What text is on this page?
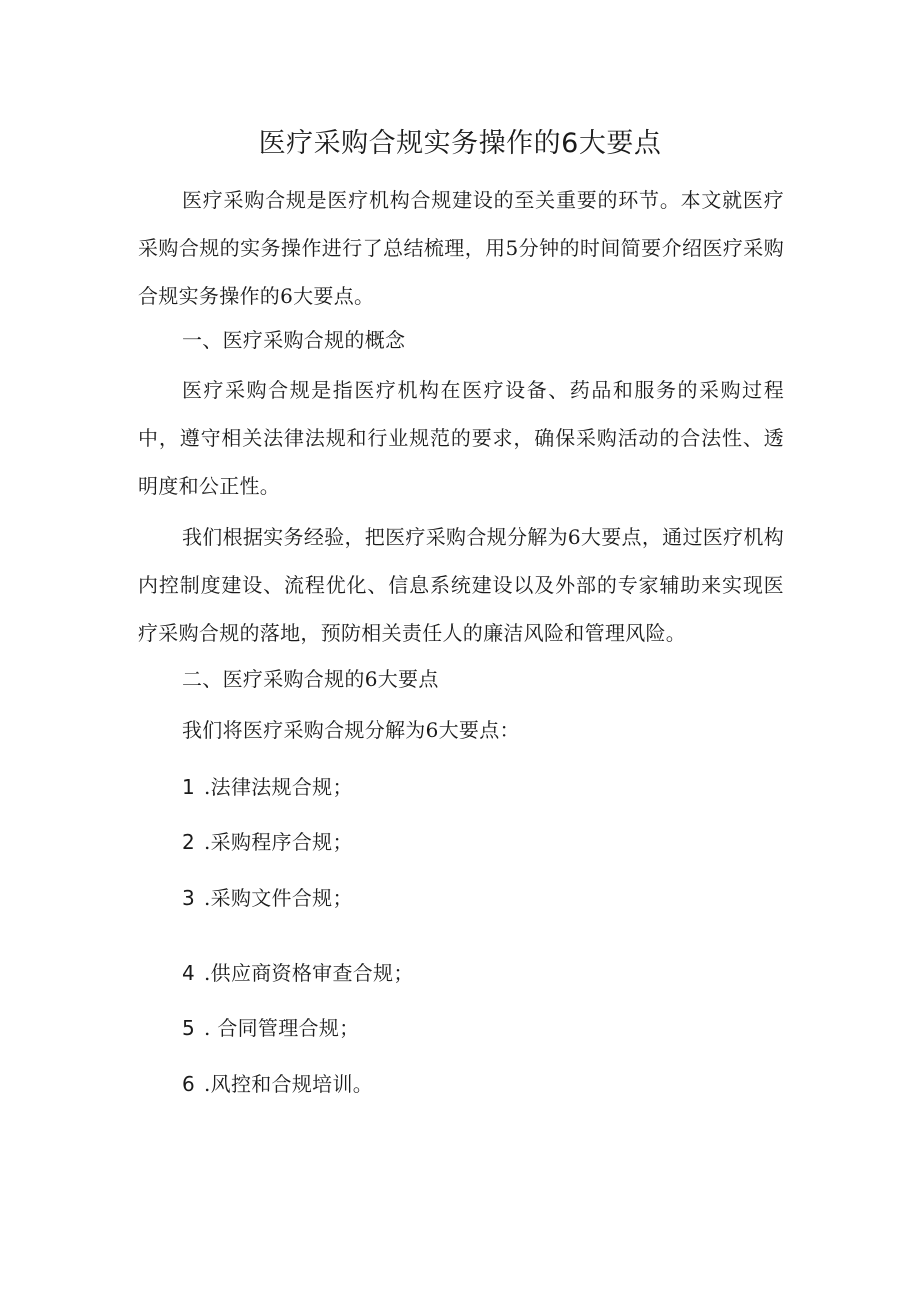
医疗采购合规实务操作的6大要点

医疗采购合规是医疗机构合规建设的至关重要的环节。本文就医疗采购合规的实务操作进行了总结梳理，用5分钟的时间简要介绍医疗采购合规实务操作的6大要点。

一、医疗采购合规的概念

医疗采购合规是指医疗机构在医疗设备、药品和服务的采购过程中，遵守相关法律法规和行业规范的要求，确保采购活动的合法性、透明度和公正性。

我们根据实务经验，把医疗采购合规分解为6大要点，通过医疗机构内控制度建设、流程优化、信息系统建设以及外部的专家辅助来实现医疗采购合规的落地，预防相关责任人的廉洁风险和管理风险。

二、医疗采购合规的6大要点

我们将医疗采购合规分解为6大要点：

1 .法律法规合规；

2 .采购程序合规；

3 .采购文件合规；

4 .供应商资格审查合规；

5 . 合同管理合规；

6 .风控和合规培训。
